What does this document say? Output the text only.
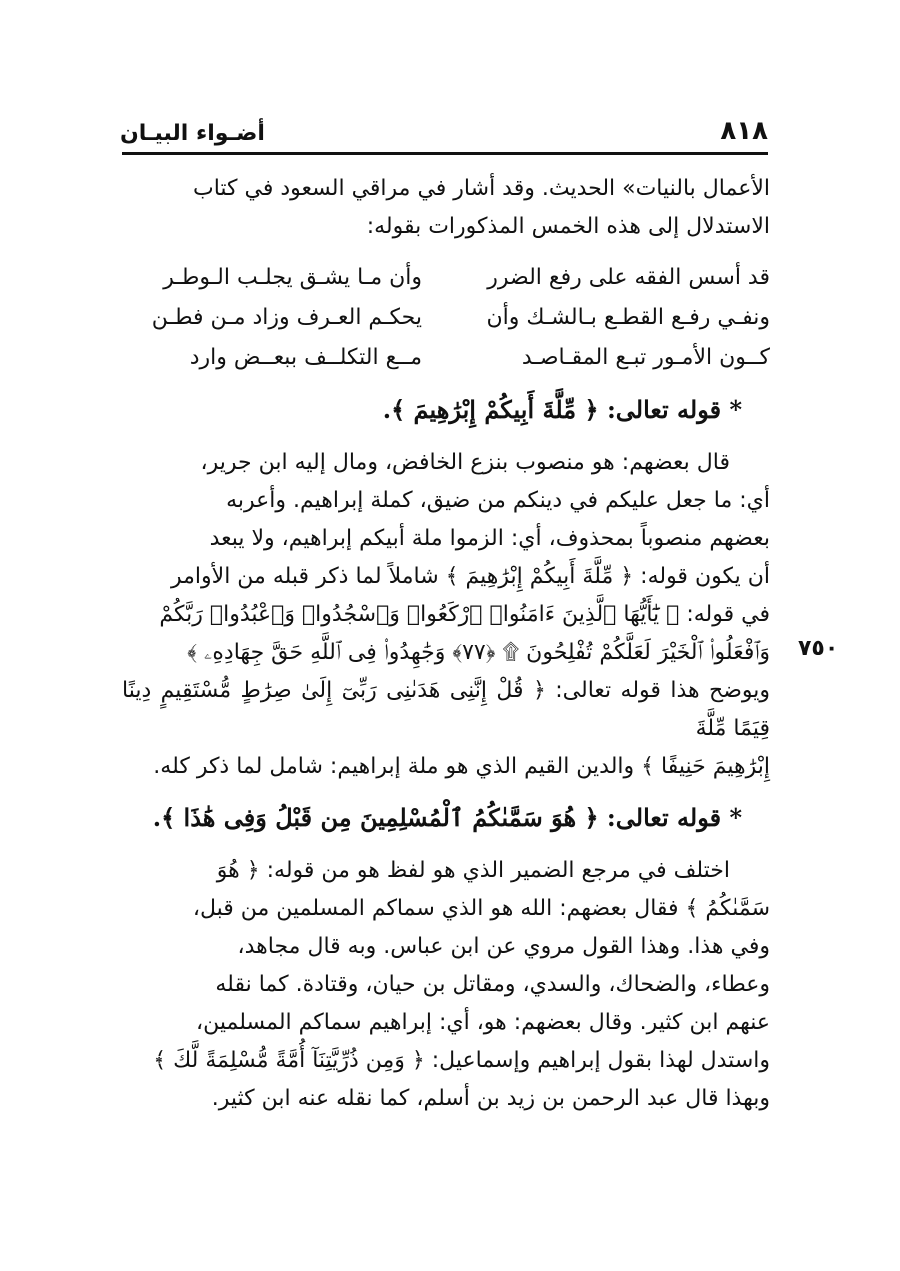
أضـواء البيـان	٨١٨
٧٥٠

الأعمال بالنيات» الحديث. وقد أشار في مراقي السعود في كتاب

الاستدلال إلى هذه الخمس المذكورات بقوله:

قد أسس الفقه على رفع الضرر
وأن مـا يشـق يجلـب الـوطـر
ونفـي رفـع القطـع بـالشـك وأن
يحكـم العـرف وزاد مـن فطـن
كــون الأمـور تبـع المقـاصـد
مــع التكلــف ببعــض وارد
* قوله تعالى: ﴿ مِّلَّةَ أَبِيكُمْ إِبْرَٰهِيمَ ﴾.

قال بعضهم: هو منصوب بنزع الخافض، ومال إليه ابن جرير،

أي: ما جعل عليكم في دينكم من ضيق، كملة إبراهيم. وأعربه

بعضهم منصوباً بمحذوف، أي: الزموا ملة أبيكم إبراهيم، ولا يبعد

أن يكون قوله: ﴿ مِّلَّةَ أَبِيكُمْ إِبْرَٰهِيمَ ﴾ شاملاً لما ذكر قبله من الأوامر

في قوله: ﴿ يَٰٓأَيُّهَا ٱلَّذِينَ ءَامَنُوا۟ ٱرْكَعُوا۟ وَٱسْجُدُوا۟ وَٱعْبُدُوا۟ رَبَّكُمْ

وَٱفْعَلُوا۟ ٱلْخَيْرَ لَعَلَّكُمْ تُفْلِحُونَ ۩ ﴿٧٧﴾ وَجَٰهِدُوا۟ فِى ٱللَّهِ حَقَّ جِهَادِهِۦ ﴾

ويوضح هذا قوله تعالى: ﴿ قُلْ إِنَّنِى هَدَىٰنِى رَبِّىٓ إِلَىٰ صِرَٰطٍ مُّسْتَقِيمٍ دِينًا قِيَمًا مِّلَّةَ

إِبْرَٰهِيمَ حَنِيفًا ﴾ والدين القيم الذي هو ملة إبراهيم: شامل لما ذكر كله.

* قوله تعالى: ﴿ هُوَ سَمَّىٰكُمُ ٱلْمُسْلِمِينَ مِن قَبْلُ وَفِى هَٰذَا ﴾.

اختلف في مرجع الضمير الذي هو لفظ هو من قوله: ﴿ هُوَ

سَمَّىٰكُمُ ﴾ فقال بعضهم: الله هو الذي سماكم المسلمين من قبل،

وفي هذا. وهذا القول مروي عن ابن عباس. وبه قال مجاهد،

وعطاء، والضحاك، والسدي، ومقاتل بن حيان، وقتادة. كما نقله

عنهم ابن كثير. وقال بعضهم: هو، أي: إبراهيم سماكم المسلمين،

واستدل لهذا بقول إبراهيم وإسماعيل: ﴿ وَمِن ذُرِّيَّتِنَآ أُمَّةً مُّسْلِمَةً لَّكَ ﴾

وبهذا قال عبد الرحمن بن زيد بن أسلم، كما نقله عنه ابن كثير.
